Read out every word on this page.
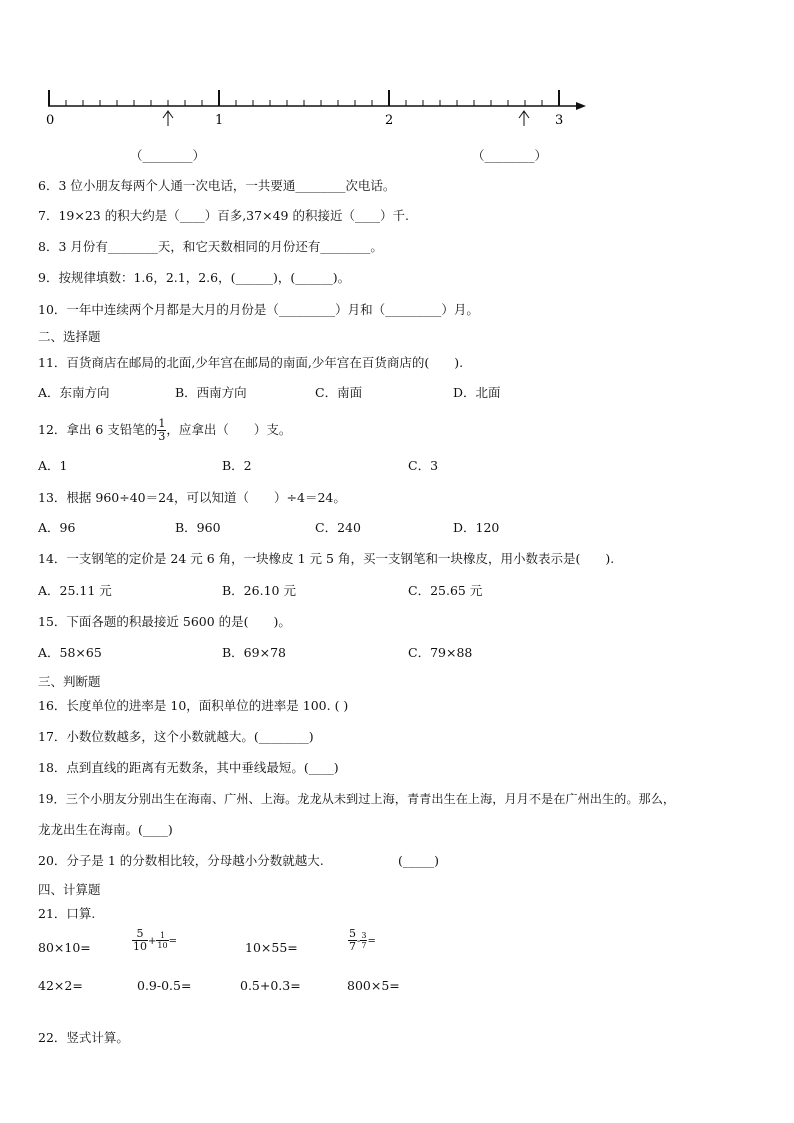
0	1	2	3
（________）	（________）
6．3 位小朋友每两个人通一次电话，一共要通________次电话。
7．19×23 的积大约是（____）百多,37×49 的积接近（____）千.
8．3 月份有________天，和它天数相同的月份还有________。
9．按规律填数：1.6，2.1，2.6，(______)，(______)。
10．一年中连续两个月都是大月的月份是（_________）月和（_________）月。
二、选择题
11．百货商店在邮局的北面,少年宫在邮局的南面,少年宫在百货商店的(　　).
A．东南方向	B．西南方向	C．南面	D．北面
12．拿出 6 支铅笔的 $\frac{1}{3}$ ，应拿出（　　）支。
A．1	B．2	C．3
13．根据 960÷40＝24，可以知道（　　）÷4＝24。
A．96	B．960	C．240	D．120
14．一支钢笔的定价是 24 元 6 角，一块橡皮 1 元 5 角，买一支钢笔和一块橡皮，用小数表示是(　　).
A．25.11 元	B．26.10 元	C．25.65 元
15．下面各题的积最接近 5600 的是(　　)。
A．58×65	B．69×78	C．79×88
三、判断题
16．长度单位的进率是 10，面积单位的进率是 100. ( )
17．小数位数越多，这个小数就越大。(________)
18．点到直线的距离有无数条，其中垂线最短。(____)
19．三个小朋友分别出生在海南、广州、上海。龙龙从未到过上海，青青出生在上海，月月不是在广州出生的。那么，
龙龙出生在海南。(____)
20．分子是 1 的分数相比较，分母越小分数就越大.	(_____)
四、计算题
21．口算.
80×10=	$\frac{5}{10} + \frac{1}{10}$ =	10×55=	$\frac{5}{7} - \frac{3}{7}$ =
42×2=	0.9-0.5=	0.5+0.3=	800×5=
22．竖式计算。
